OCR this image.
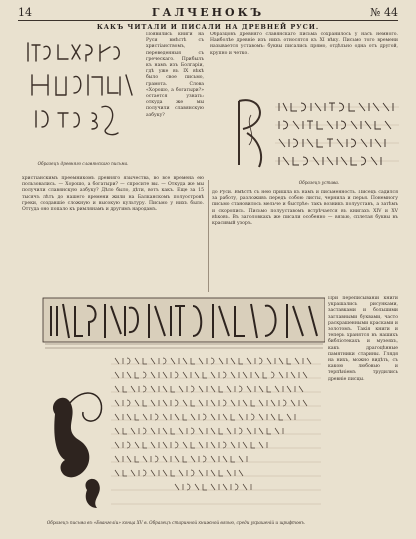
14	ГАЛЧЕНОКЪ	№ 44
КАКЪ ЧИТАЛИ И ПИСАЛИ НА ДРЕВНЕЙ РУСИ.
Образецъ древняго славянскаго письма.
Появились книги на Руси вмѣстѣ съ христіанствомъ, переведенныя съ греческаго. Прибылъ къ намъ изъ Болгаріи, гдѣ уже въ IX вѣкѣ было свое письмо, грамота. Слова «Хорошо, а богатыри?» остается узнать: откуда же мы получили славянскую азбуку?
Образцовъ древняго славянскаго письма сохранилось у насъ немного. Наиболѣе древніе изъ нихъ относятся къ XI вѣку. Письмо того времени называется уставомъ: буквы писались прямо, отдѣльно одна отъ другой, крупно и четко.
Образецъ устава.
христіанскимъ преемникомъ древняго язычества, во все времена ею пользовались. — Хорошо, а богатыри? — спросите вы. — Откуда же мы получили славянскую азбуку? Дѣло было, дѣти, вотъ какъ. Еще за 15 тысячъ лѣтъ до нашего времени жили на Балканскомъ полуостровѣ греки, создавшіе сложную и высокую культуру. Письмо у нихъ было. Оттуда оно попало къ римлянамъ и другимъ народамъ.
до Руси. Вмѣстѣ съ нею пришла къ намъ и письменность. Писецъ садился за работу, разложивъ передъ собою листы, чернила и перья. Понемногу письмо становилось мельче и быстрѣе: такъ возникъ полууставъ, а затѣмъ и скоропись. Письмо полууставомъ встрѣчается въ книгахъ XIV и XV вѣковъ. Въ заголовкахъ же писали особенно — вязью, сплетая буквы въ красивый узоръ.
При переписываніи книги украшались рисунками, заставками и большими заглавными буквами, часто раскрашенными красками и золотомъ. Такія книги и теперь хранятся въ нашихъ библіотекахъ и музеяхъ, какъ драгоцѣнные памятники старины. Глядя на нихъ, можно видѣть, съ какою любовью и терпѣніемъ трудились древніе писцы.
Образецъ письма въ «Евангеліи» конца XV в. Образецъ старинной книжной вязью, среди украшеній и шрифтовъ.
